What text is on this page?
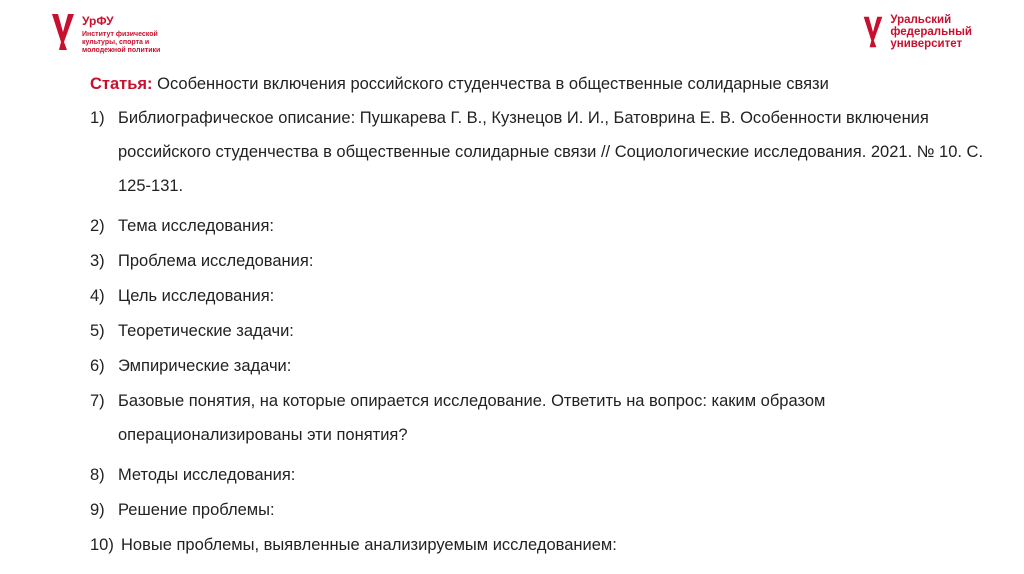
УрФУ
Институт физической культуры, спорта и молодежной политики
Уральский
федеральный
университет
Статья: Особенности включения российского студенчества в общественные солидарные связи
1) Библиографическое описание: Пушкарева Г. В., Кузнецов И. И., Батоврина Е. В. Особенности включения российского студенчества в общественные солидарные связи // Социологические исследования. 2021. № 10. С. 125-131.
2) Тема исследования:
3) Проблема исследования:
4) Цель исследования:
5) Теоретические задачи:
6) Эмпирические задачи:
7) Базовые понятия, на которые опирается исследование. Ответить на вопрос: каким образом операционализированы эти понятия?
8) Методы исследования:
9) Решение проблемы:
10) Новые проблемы, выявленные анализируемым исследованием:
